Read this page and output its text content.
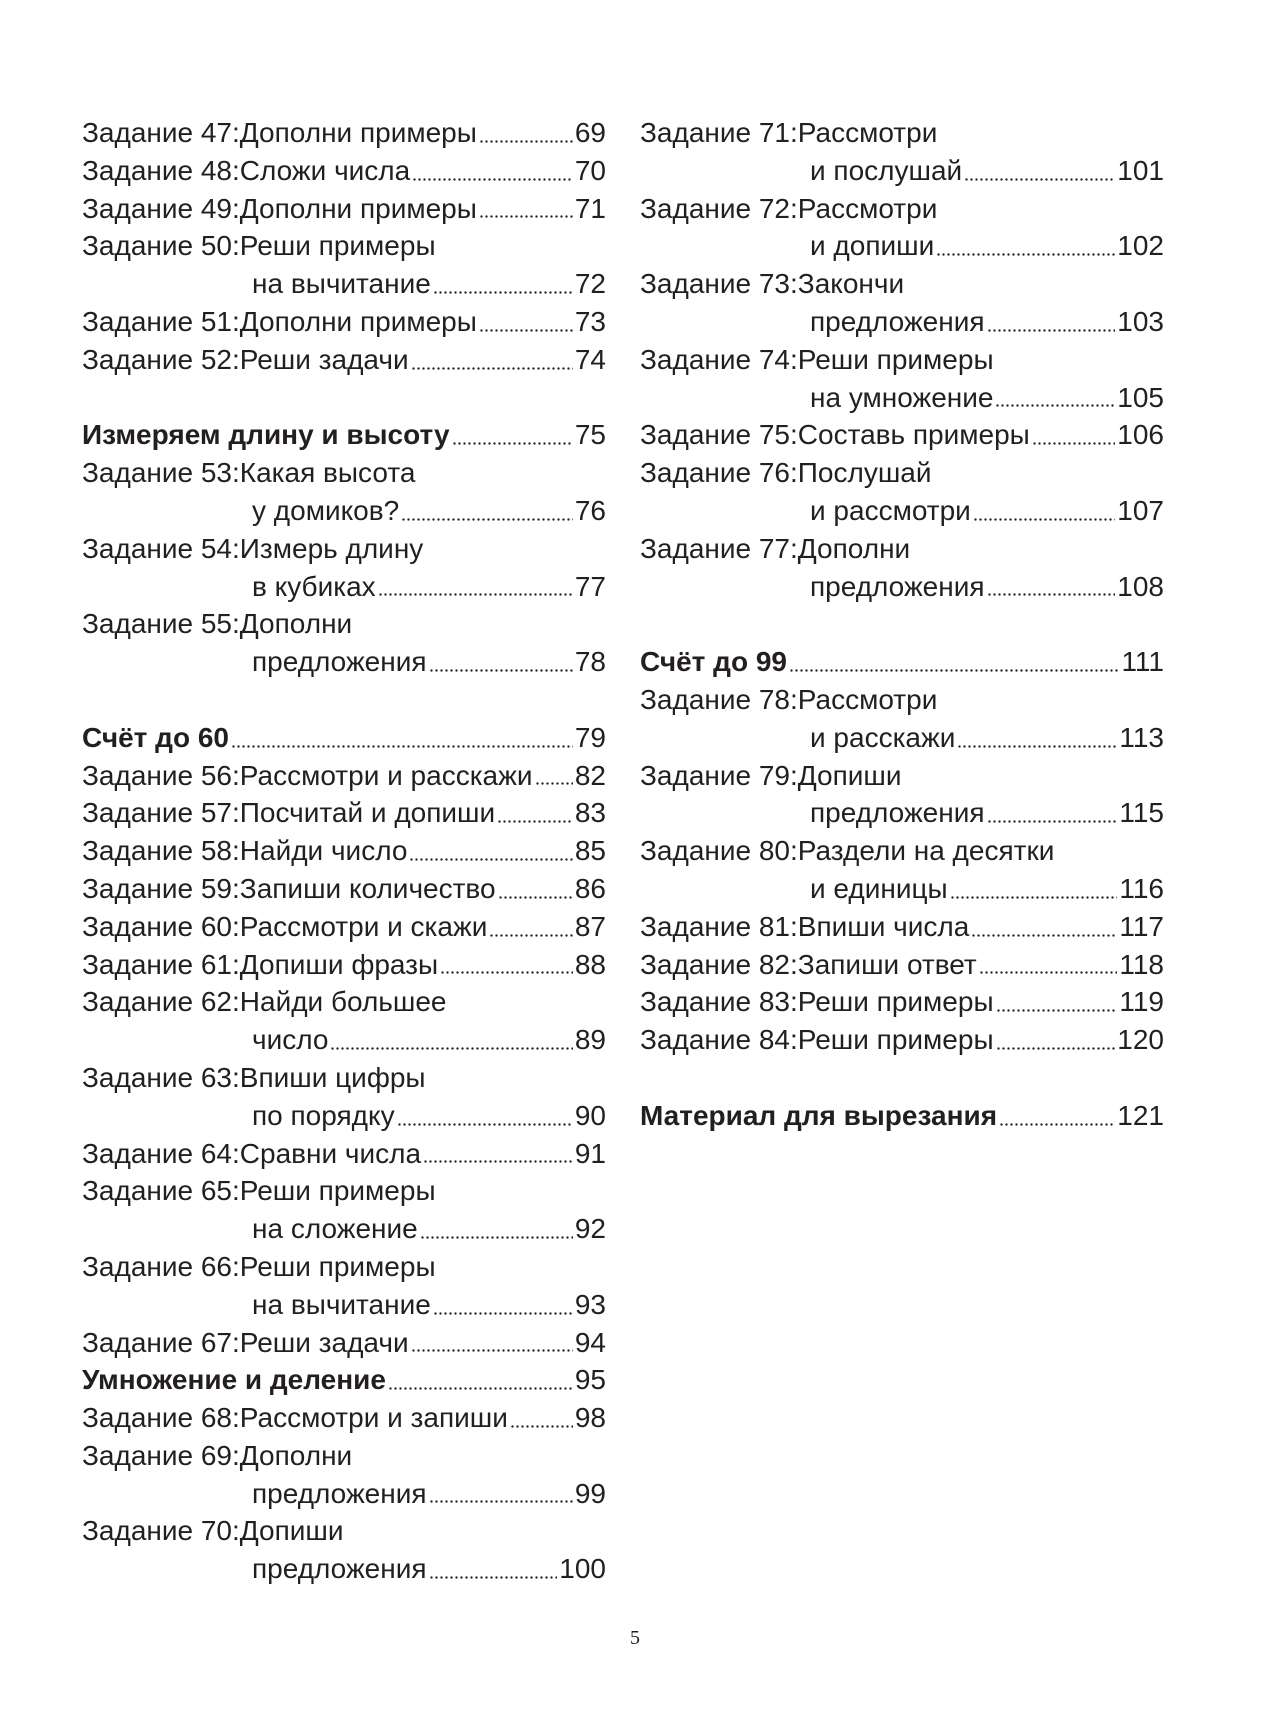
Задание 47: Дополни примеры	69
Задание 48: Сложи числа	70
Задание 49: Дополни примеры	71
Задание 50: Реши примеры
на вычитание	72
Задание 51: Дополни примеры	73
Задание 52: Реши задачи	74
Измеряем длину и высоту	75
Задание 53: Какая высота
у домиков?	76
Задание 54: Измерь длину
в кубиках	77
Задание 55: Дополни
предложения	78
Счёт до 60	79
Задание 56: Рассмотри и расскажи 82
Задание 57: Посчитай и допиши	83
Задание 58: Найди число	85
Задание 59: Запиши количество	86
Задание 60: Рассмотри и скажи	87
Задание 61: Допиши фразы	88
Задание 62: Найди большее
число	89
Задание 63: Впиши цифры
по порядку	90
Задание 64: Сравни числа	91
Задание 65: Реши примеры
на сложение	92
Задание 66: Реши примеры
на вычитание	93
Задание 67: Реши задачи	94
Умножение и деление	95
Задание 68: Рассмотри и запиши 98
Задание 69: Дополни
предложения	99
Задание 70: Допиши
предложения	100
Задание 71: Рассмотри
и послушай	101
Задание 72: Рассмотри
и допиши	102
Задание 73: Закончи
предложения	103
Задание 74: Реши примеры
на умножение	105
Задание 75: Составь примеры	106
Задание 76: Послушай
и рассмотри	107
Задание 77: Дополни
предложения	108
Счёт до 99	111
Задание 78: Рассмотри
и расскажи	113
Задание 79: Допиши
предложения	115
Задание 80: Раздели на десятки
и единицы	116
Задание 81: Впиши числа	117
Задание 82: Запиши ответ	118
Задание 83: Реши примеры	119
Задание 84: Реши примеры	120
Материал для вырезания	121
5
